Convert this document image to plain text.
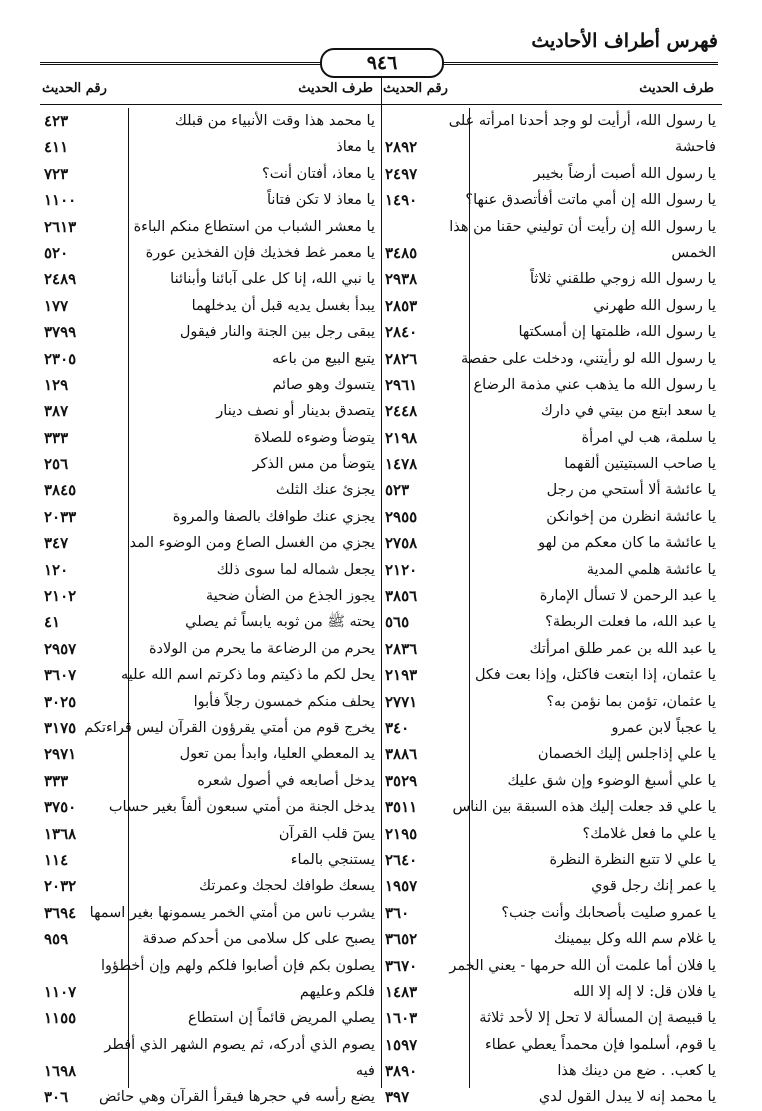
فهرس أطراف الأحاديث
٩٤٦
طرف الحديث
رقم الحديث
يا رسول الله، أرأيت لو وجد أحدنا امرأته على
فاحشة
٢٨٩٢
يا رسول الله أصبت أرضاً بخيبر
٢٤٩٧
يا رسول الله إن أمي ماتت أفأتصدق عنها؟
١٤٩٠
يا رسول الله إن رأيت أن توليني حقنا من هذا
الخمس
٣٤٨٥
يا رسول الله زوجي طلقني ثلاثاً
٢٩٣٨
يا رسول الله طهرني
٢٨٥٣
يا رسول الله، ظلمتها إن أمسكتها
٢٨٤٠
يا رسول الله لو رأيتني، ودخلت على حفصة
٢٨٢٦
يا رسول الله ما يذهب عني مذمة الرضاع
٢٩٦١
يا سعد ابتع من بيتي في دارك
٢٤٤٨
يا سلمة، هب لي امرأة
٢١٩٨
يا صاحب السبتيتين ألقهما
١٤٧٨
يا عائشة ألا أستحي من رجل
٥٢٣
يا عائشة انظرن من إخوانكن
٢٩٥٥
يا عائشة ما كان معكم من لهو
٢٧٥٨
يا عائشة هلمي المدية
٢١٢٠
يا عبد الرحمن لا تسأل الإمارة
٣٨٥٦
يا عبد الله، ما فعلت الربطة؟
٥٦٥
يا عبد الله بن عمر طلق امرأتك
٢٨٣٦
يا عثمان، إذا ابتعت فاكتل، وإذا بعت فكل
٢١٩٣
يا عثمان، تؤمن بما نؤمن به؟
٢٧٧١
يا عجباً لابن عمرو
٣٤٠
يا علي إذاجلس إليك الخصمان
٣٨٨٦
يا علي أسبغ الوضوء وإن شق عليك
٣٥٢٩
يا علي قد جعلت إليك هذه السبقة بين الناس
٣٥١١
يا علي ما فعل غلامك؟
٢١٩٥
يا علي لا تتبع النظرة النظرة
٢٦٤٠
يا عمر إنك رجل قوي
١٩٥٧
يا عمرو صليت بأصحابك وأنت جنب؟
٣٦٠
يا غلام سم الله وكل بيمينك
٣٦٥٢
يا فلان أما علمت أن الله حرمها - يعني الخمر
٣٦٧٠
يا فلان قل: لا إله إلا الله
١٤٨٣
يا قبيصة إن المسألة لا تحل إلا لأحد ثلاثة
١٦٠٣
يا قوم، أسلموا فإن محمداً يعطي عطاء
١٥٩٧
يا كعب. . ضع من دينك هذا
٣٨٩٠
يا محمد إنه لا يبدل القول لدي
٣٩٧
طرف الحديث
رقم الحديث
يا محمد هذا وقت الأنبياء من قبلك
٤٢٣
يا معاذ
٤١١
يا معاذ، أفتان أنت؟
٧٢٣
يا معاذ لا تكن فتاناً
١١٠٠
يا معشر الشباب من استطاع منكم الباءة
٢٦١٣
يا معمر غط فخذيك فإن الفخذين عورة
٥٢٠
يا نبي الله، إنا كل على آبائنا وأبنائنا
٢٤٨٩
يبدأ بغسل يديه قبل أن يدخلهما
١٧٧
يبقى رجل بين الجنة والنار فيقول
٣٧٩٩
يتبع البيع من باعه
٢٣٠٥
يتسوك وهو صائم
١٢٩
يتصدق بدينار أو نصف دينار
٣٨٧
يتوضأ وضوءه للصلاة
٣٣٣
يتوضأ من مس الذكر
٢٥٦
يجزئ عنك الثلث
٣٨٤٥
يجزي عنك طوافك بالصفا والمروة
٢٠٣٣
يجزي من الغسل الصاع ومن الوضوء المد
٣٤٧
يجعل شماله لما سوى ذلك
١٢٠
يجوز الجذع من الضأن ضحية
٢١٠٢
يحته ﷺ من ثوبه يابساً ثم يصلي
٤١
يحرم من الرضاعة ما يحرم من الولادة
٢٩٥٧
يحل لكم ما ذكيتم وما ذكرتم اسم الله عليه
٣٦٠٧
يحلف منكم خمسون رجلاً فأبوا
٣٠٢٥
يخرج قوم من أمتي يقرؤون القرآن ليس قراءتكم
٣١٧٥
يد المعطي العليا، وابدأ بمن تعول
٢٩٧١
يدخل أصابعه في أصول شعره
٣٣٣
يدخل الجنة من أمتي سبعون ألفاً بغير حساب
٣٧٥٠
يسٓ قلب القرآن
١٣٦٨
يستنجي بالماء
١١٤
يسعك طوافك لحجك وعمرتك
٢٠٣٢
يشرب ناس من أمتي الخمر يسمونها بغير اسمها
٣٦٩٤
يصبح على كل سلامى من أحدكم صدقة
٩٥٩
يصلون بكم فإن أصابوا فلكم ولهم وإن أخطؤوا
فلكم وعليهم
١١٠٧
يصلي المريض قائماً إن استطاع
١١٥٥
يصوم الذي أدركه، ثم يصوم الشهر الذي أفطر
فيه
١٦٩٨
يضع رأسه في حجرها فيقرأ القرآن وهي حائض
٣٠٦
